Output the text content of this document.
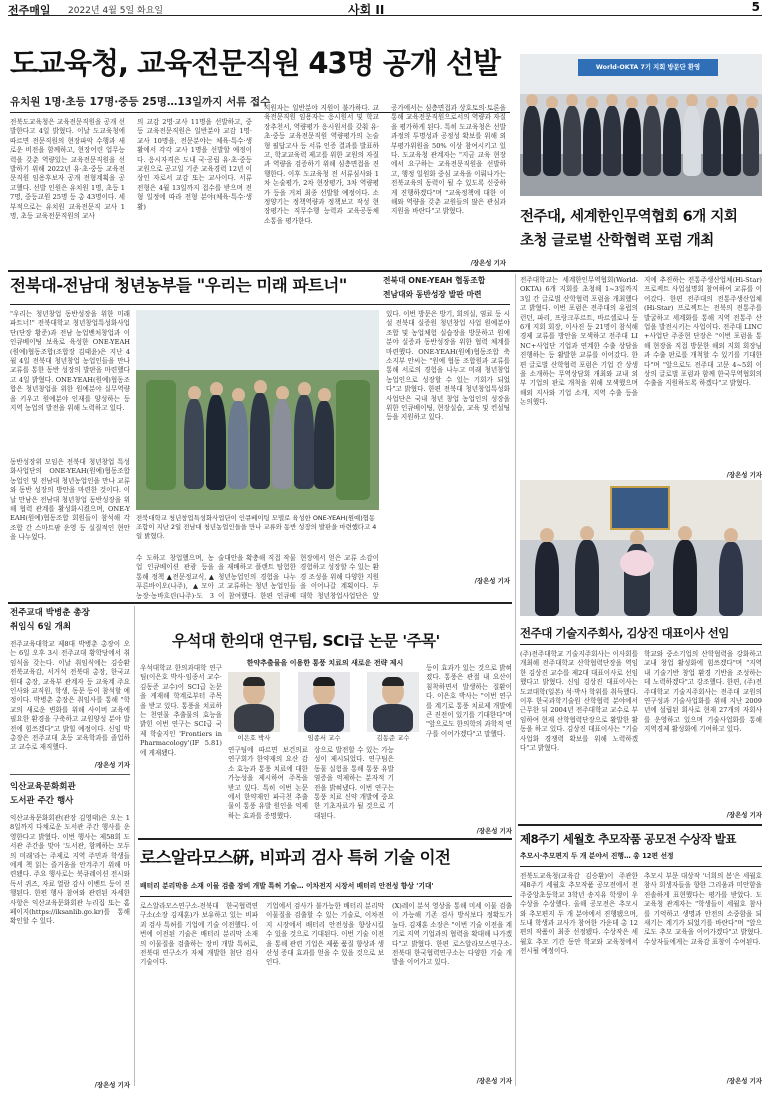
전주매일 2022년 4월 5일 화요일	사회 II	5
도교육청, 교육전문직원 43명 공개 선발
유치원 1명·초등 17명·중등 25명…13일까지 서류 접수
전북도교육청은 교육전문직원을 공개 선발한다고 4일 밝혔다. 이날 도교육청에 따르면 전문직원의 현장파악 수행과 새로운 비전을 함께하고, 현장어린 업무능력을 갖춘 역량있는 교육전문직원을 선발하기 위해 2022년 유·초·중등 교육전문직원 임용후보자 공개 전형계획을 공고했다. 선발 인원은 유치원 1명, 초등 17명, 중등교원 25명 등 총 43명이다. 세부적으로는 유치원 교육전문직 교사 1명, 초등 교육전문직원의 교사
의 교감 2명·교사 11명을 선발하고, 중등 교육전문직원은 일반분야 교감 1명·교사 10명을, 전문분야는 체육·특수·생활에서 각각 교사 1명을 선발할 예정이다. 응시자격은 도내 국·공립 유·초·중등 교원으로 공고일 기준 교육경력 12년 이상인 자로서 교감 또는 교사이다. 서류 전형은 4월 13일까지 접수를 받으며 전형 일정에 따라 전형 분야(체육·특수·생활)
지원자는 일반분야 지원이 불가하다. 교육전문직원 임용자는 응시원서 및 학교장추천서, 역량평가 응시원서를 갖춰 유·초·중등 교육전문직원 역량평가의 논술형 필답고사 등 서류 인증 결과를 발표하고, 학교교육력 제고를 위한 교원의 자질과 역량을 검증하기 위해 심층면접을 진행한다. 이후 도교육청 전 서류심사와 1차 논술평가, 2차 현장평가, 3차 역량평가 등을 거쳐 최종 선발할 예정이다. 소정양기는 정책역량과 정책보고 작성 현장평가는 직무수행 능력과 교육공동체 소통을 평가한다.
공가에서는 심층면접과 상호토의·토론을 통해 교육전문직원으로서의 역량과 자질을 평가하게 된다. 특히 도교육청은 선발과정의 투명성과 공정성 확보를 위해 외부평가위원을 50% 이상 참여시키고 있다. 도교육청 관계자는 "지금 교육 현장에서 요구하는 교육전문직원을 선발하고, 행정 일원화 중심 교육을 이뤄나가는 전북교육의 동력이 될 수 있도록 신중하게 진행하겠다"며 "교육정책에 대한 이해와 역량을 갖춘 교원들의 많은 관심과 지원을 바란다"고 밝혔다.
/장은성 기자
World-OKTA 7기 지회 방문단 환영
전주대, 세계한인무역협회 6개 지회
초청 글로벌 산학협력 포럼 개최
전북대-전남대 청년농부들 "우리는 미래 파트너"	전북대 ONE-YEAH 협동조합
전남대와 동반성장 발판 마련
"우리는 청년창업 동반성장을 위한 미래 파트너!" 전북대학교 청년창업특성화사업단(단장 황준)과 전남 농업벤처창업과 이 인큐베이팅 보육로 육성한 ONE-YEAH(원예)협동조합(조합장 김태윤)은 지난 4월 4일 전북대 청년창업 농업인들을 만나 교류를 통한 동반 성장의 발판을 마련했다고 4일 밝혔다. ONE-YEAH(원예)협동조합은 청년창업을 위한 원예분야 실무역량을 키우고 원예분야 인재를 양성하는 등 지역 농업의 발전을 위해 노력하고 있다.
동반성장위 모임은 전북대 청년창업 특성화사업단의 ONE-YEAH(원예)협동조합 농업인 및 전남대 청년농업인을 만나 교류와 동반 성장의 방안을 마련한 것이다. 이날 만남은 전남대 청년창업 동반성장을 위해 협력 관계를 활성화시켰으며, ONE-YEAH(원예)협동조합 회원들이 참석해 각 조합 간 스마트팜 운영 등 실질적인 현안을 나누었다.
있다. 이번 방문은 방기, 회의실, 염료 등 시설 전북대 실증원 청년창업 사업 원예분야 조합 및 농업체험 실습장을 방문하고 원예분야 실증과 동반성장을 위한 협력 체계를 마련했다. ONE-YEAH(원예)협동조합 축소지부 안씨는 "원예 협동 조합원과 교류를 통해 서로의 경험을 나누고 미래 청년창업 농업인으로 성장할 수 있는 기회가 되었다"고 밝혔다. 한편 전북대 청년창업특성화사업단은 국내 청년 창업 농업인의 성장을 위한 인큐베이팅, 현장실습, 교육 및 컨설팅 등을 지원하고 있다.
/장은성 기자
전북대학교 청년창업특성화사업단이 인큐베이팅 모델로 육성한 ONE-YEAH(원예)협동조합이 지난 2일 전남대 청년농업인들을 만나 교류와 동반 성장의 발판을 마련했다고 4일 밝혔다.
수 도하고 창업했으며, 농업 인큐베이션 관광 등을 통해 정책 ▲전문정교식, ▲푸른바이오(나주), ▲모아농장·농바흐린(나주)·도 3
술대안을 확충해 직접 작물을 재배하고 플랜트 탐험한 청년농업인의 경험을 나누고 교류하는 청년 농업인들이 참여했다. 한편 인큐베
현장에서 얻은 교류 소감이 경험하고 성장할 수 있는 환경 조성을 위해 다양한 지원을 이어나갈 계획이다. 두 대학 청년창업사업단은 앞
전주대학교는 세계한인무역협회(World-OKTA) 6개 지회를 초청해 1~3일까지 3일 간 글로벌 산학협력 포럼을 개최했다고 밝혔다. 이번 포럼은 전주대의 유럽의 런던, 파리, 프랑크푸르트, 바르셀로나 등 6개 지회 회장, 이사진 등 21명이 참석해 경제 교류를 방안을 모색하고 전주대 LINC+사업단 기업과 연계한 수출 상담을 진행하는 등 활발한 교류를 이어갔다. 한편 글로벌 산학협력 포럼은 기업 간 상생을 소개하는 무역상담회 개최와 교내 외부 기업의 판로 개척을 위해 모색했으며 해외 지사와 기업 소개, 지역 수출 등을 논의했다.
지에 추진하는 전통주생산업체(Hi-Star) 프로젝트 사업설명회 참여하여 교류를 이어갔다. 한편 전주대의 전통주생산업체(Hi-Star) 프로젝트는 전북의 전통주를 발굴하고 세계화를 통해 지역 전통주 산업을 발전시키는 사업이다. 전주대 LINC+사업단 주종현 단장은 "이번 포럼을 통해 현장을 직접 방문한 해외 지회 회장님과 수출 판로를 개척할 수 있기를 기대한다"며 "앞으로도 전주대 고문 4~5회 이상의 글로벌 포럼과 함께 한국무역협회의 수출을 지원하도록 하겠다"고 밝혔다.
/장은성 기자
전주대 기술지주회사, 김상진 대표이사 선임
(주)전주대학교 기술지주회사는 이사회를 개최해 전주대학교 산학협력단장을 역임한 김상진 교수를 제2대 대표이사로 선임했다고 밝혔다. 신임 김상진 대표이사는 도쿄대학(일본) 석·박사 학위를 취득했다. 이후 한국과학기술원 산학협력 분야에서 근무한 뒤 2004년 전주대학교 교수로 부임하여 현재 산학협력단장으로 활발한 활동을 하고 있다. 김상진 대표이사는 "기술사업화 경쟁력 확보를 위해 노력하겠다"고 밝혔다.
학교와 중소기업의 산학협력을 강화하고 교내 창업 활성화에 힘쓰겠다"며 "지역 내 기술기반 창업 환경 기반을 조성하는데 노력하겠다"고 강조했다. 한편, (주)전주대학교 기술지주회사는 전주대 교원의 연구성과 기술사업화를 위해 지난 2009년에 설립된 회사로 현재 27개의 자회사를 운영하고 있으며 기술사업화를 통해 지역경제 활성화에 기여하고 있다.
/장은성 기자
전주교대 박병춘 총장
취임식 6일 개최
전주교육대학교 제8대 박병춘 총장이 오는 6일 오후 3시 전주교대 황학당에서 취임식을 갖는다. 이날 취임식에는 김승환 전북교육감, 서거석 전북대 총장, 한국교원대 총장, 교육부 관계자 등 교육계 주요 인사와 교직원, 학생, 동문 등이 참석할 예정이다. 박병춘 총장은 취임사를 통해 "학교의 새로운 변화를 위해 사이버 교육에 필요한 환경을 구축하고 교원양성 분야 발전에 힘쓰겠다"고 밝힐 예정이다. 신임 박 총장은 전주교대 초등 교육학과를 졸업하고 교수로 재직했다.
/장은성 기자
익산교육문화회관
도서관 주간 행사
익산교육문화회관(관장 김영태)은 오는 18일까지 다채로운 도서관 주간 행사를 운영한다고 밝혔다. 이번 행사는 제58회 도서관 주간을 맞아 '도서관, 함께하는 모두의 미래'라는 주제로 지역 주민과 학생들에게 책 읽는 즐거움을 안겨주기 위해 마련됐다. 주요 행사로는 북큐레이션 전시와 독서 퀴즈, 자료 열람 감사 이벤트 등이 진행된다. 한편 행사 참여와 관련된 자세한 사항은 익산교육문화회관 누리집 또는 홈페이지(https://iksanlib.go.kr)를 통해 확인할 수 있다.
/장은성 기자
우석대 한의대 연구팀, SCI급 논문 '주목'
한약추출물을 이용한 통풍 치료의 새로운 전략 제시
이은호 박사	임종서 교수	김동준 교수
우석대학교 한의과대학 연구팀(이은호 박사·임종서 교수·김동준 교수)이 SCI급 논문을 게재해 학계로부터 주목을 받고 있다. 통풍을 치료하는 천연물 추출물의 효능을 밝힌 이번 연구는 SCI급 국제 학술지인 'Frontiers in Pharmacology'(IF 5.81)에 게재됐다.	연구팀에 따르면 보건의료 연구회가 한약재의 요산 감소 효능과 통풍 치료에 대한 가능성을 제시하여 주목을 받고 있다. 특히 이번 논문에서 한약재인 파극천 추출물이 통풍 유발 원인을 억제하는 효과를 증명했다.
상으로 발전할 수 있는 가능성이 제시되었다. 연구팀은 동물 실험을 통해 통풍 유발 염증을 억제하는 분자적 기전을 밝혀냈다. 이번 연구는 통풍 치료 신약 개발에 중요한 기초자료가 될 것으로 기대된다.
등이 효과가 있는 것으로 밝혀졌다. 통풍은 관절 내 요산이 침착하면서 발생하는 질환이다. 이은호 박사는 "이번 연구를 계기로 통풍 치료제 개발에 큰 진전이 있기를 기대한다"며 "앞으로도 한의학의 과학적 연구를 이어가겠다"고 말했다.
/장은성 기자
로스알라모스硏, 비파괴 검사 특허 기술 이전
배터리 분리막용 소재 이물 검출 장비 개발 특허 기술… 이차전지 시장서 배터리 안전성 향상 '기대'
로스알라모스연구소-전북대 한국협력연구소(소장 김재훈)가 보유하고 있는 비파괴 검사 특허를 기업에 기술 이전했다. 이번에 이전된 기술은 배터리 분리막 소재의 이물질을 검출하는 장비 개발 특허로, 전북대 연구소가 자체 개발한 첨단 검사 기술이다.
기업에서 검사가 불가능한 배터리 분리막 이물질을 검출할 수 있는 기술로, 이차전지 시장에서 배터리 안전성을 향상시킬 수 있을 것으로 기대된다. 이번 기술 이전을 통해 관련 기업은 제품 품질 향상과 생산성 증대 효과를 얻을 수 있을 것으로 보인다.
(X)레이 분석 영상을 통해 미세 이물 검출이 가능해 기존 검사 방식보다 정확도가 높다. 김재훈 소장은 "이번 기술 이전을 계기로 지역 기업과의 협력을 확대해 나가겠다"고 밝혔다. 한편 로스알라모스연구소-전북대 한국협력연구소는 다양한 기술 개발을 이어가고 있다.
/장은성 기자
제8주기 세월호 추모작품 공모전 수상작 발표
추모시·추모편지 두 개 분야서 진행… 총 12편 선정
전북도교육청(교육감 김승환)이 주관한 제8주기 세월호 추모작품 공모전에서 전주중앙초등학교 3학년 송지유 학생이 우수상을 수상했다. 올해 공모전은 추모시와 추모편지 두 개 분야에서 진행됐으며, 도내 학생과 교사가 참여한 가운데 총 12편의 작품이 최종 선정됐다. 수상작은 세월호 추모 기간 동안 학교와 교육청에서 전시될 예정이다.
추모시 부문 대상작 '너희의 봄'은 세월호 참사 희생자들을 향한 그리움과 미안함을 진솔하게 표현했다는 평가를 받았다. 도교육청 관계자는 "학생들이 세월호 참사를 기억하고 생명과 안전의 소중함을 되새기는 계기가 되었기를 바란다"며 "앞으로도 추모 교육을 이어가겠다"고 밝혔다. 수상자들에게는 교육감 표창이 수여된다.
/장은성 기자
